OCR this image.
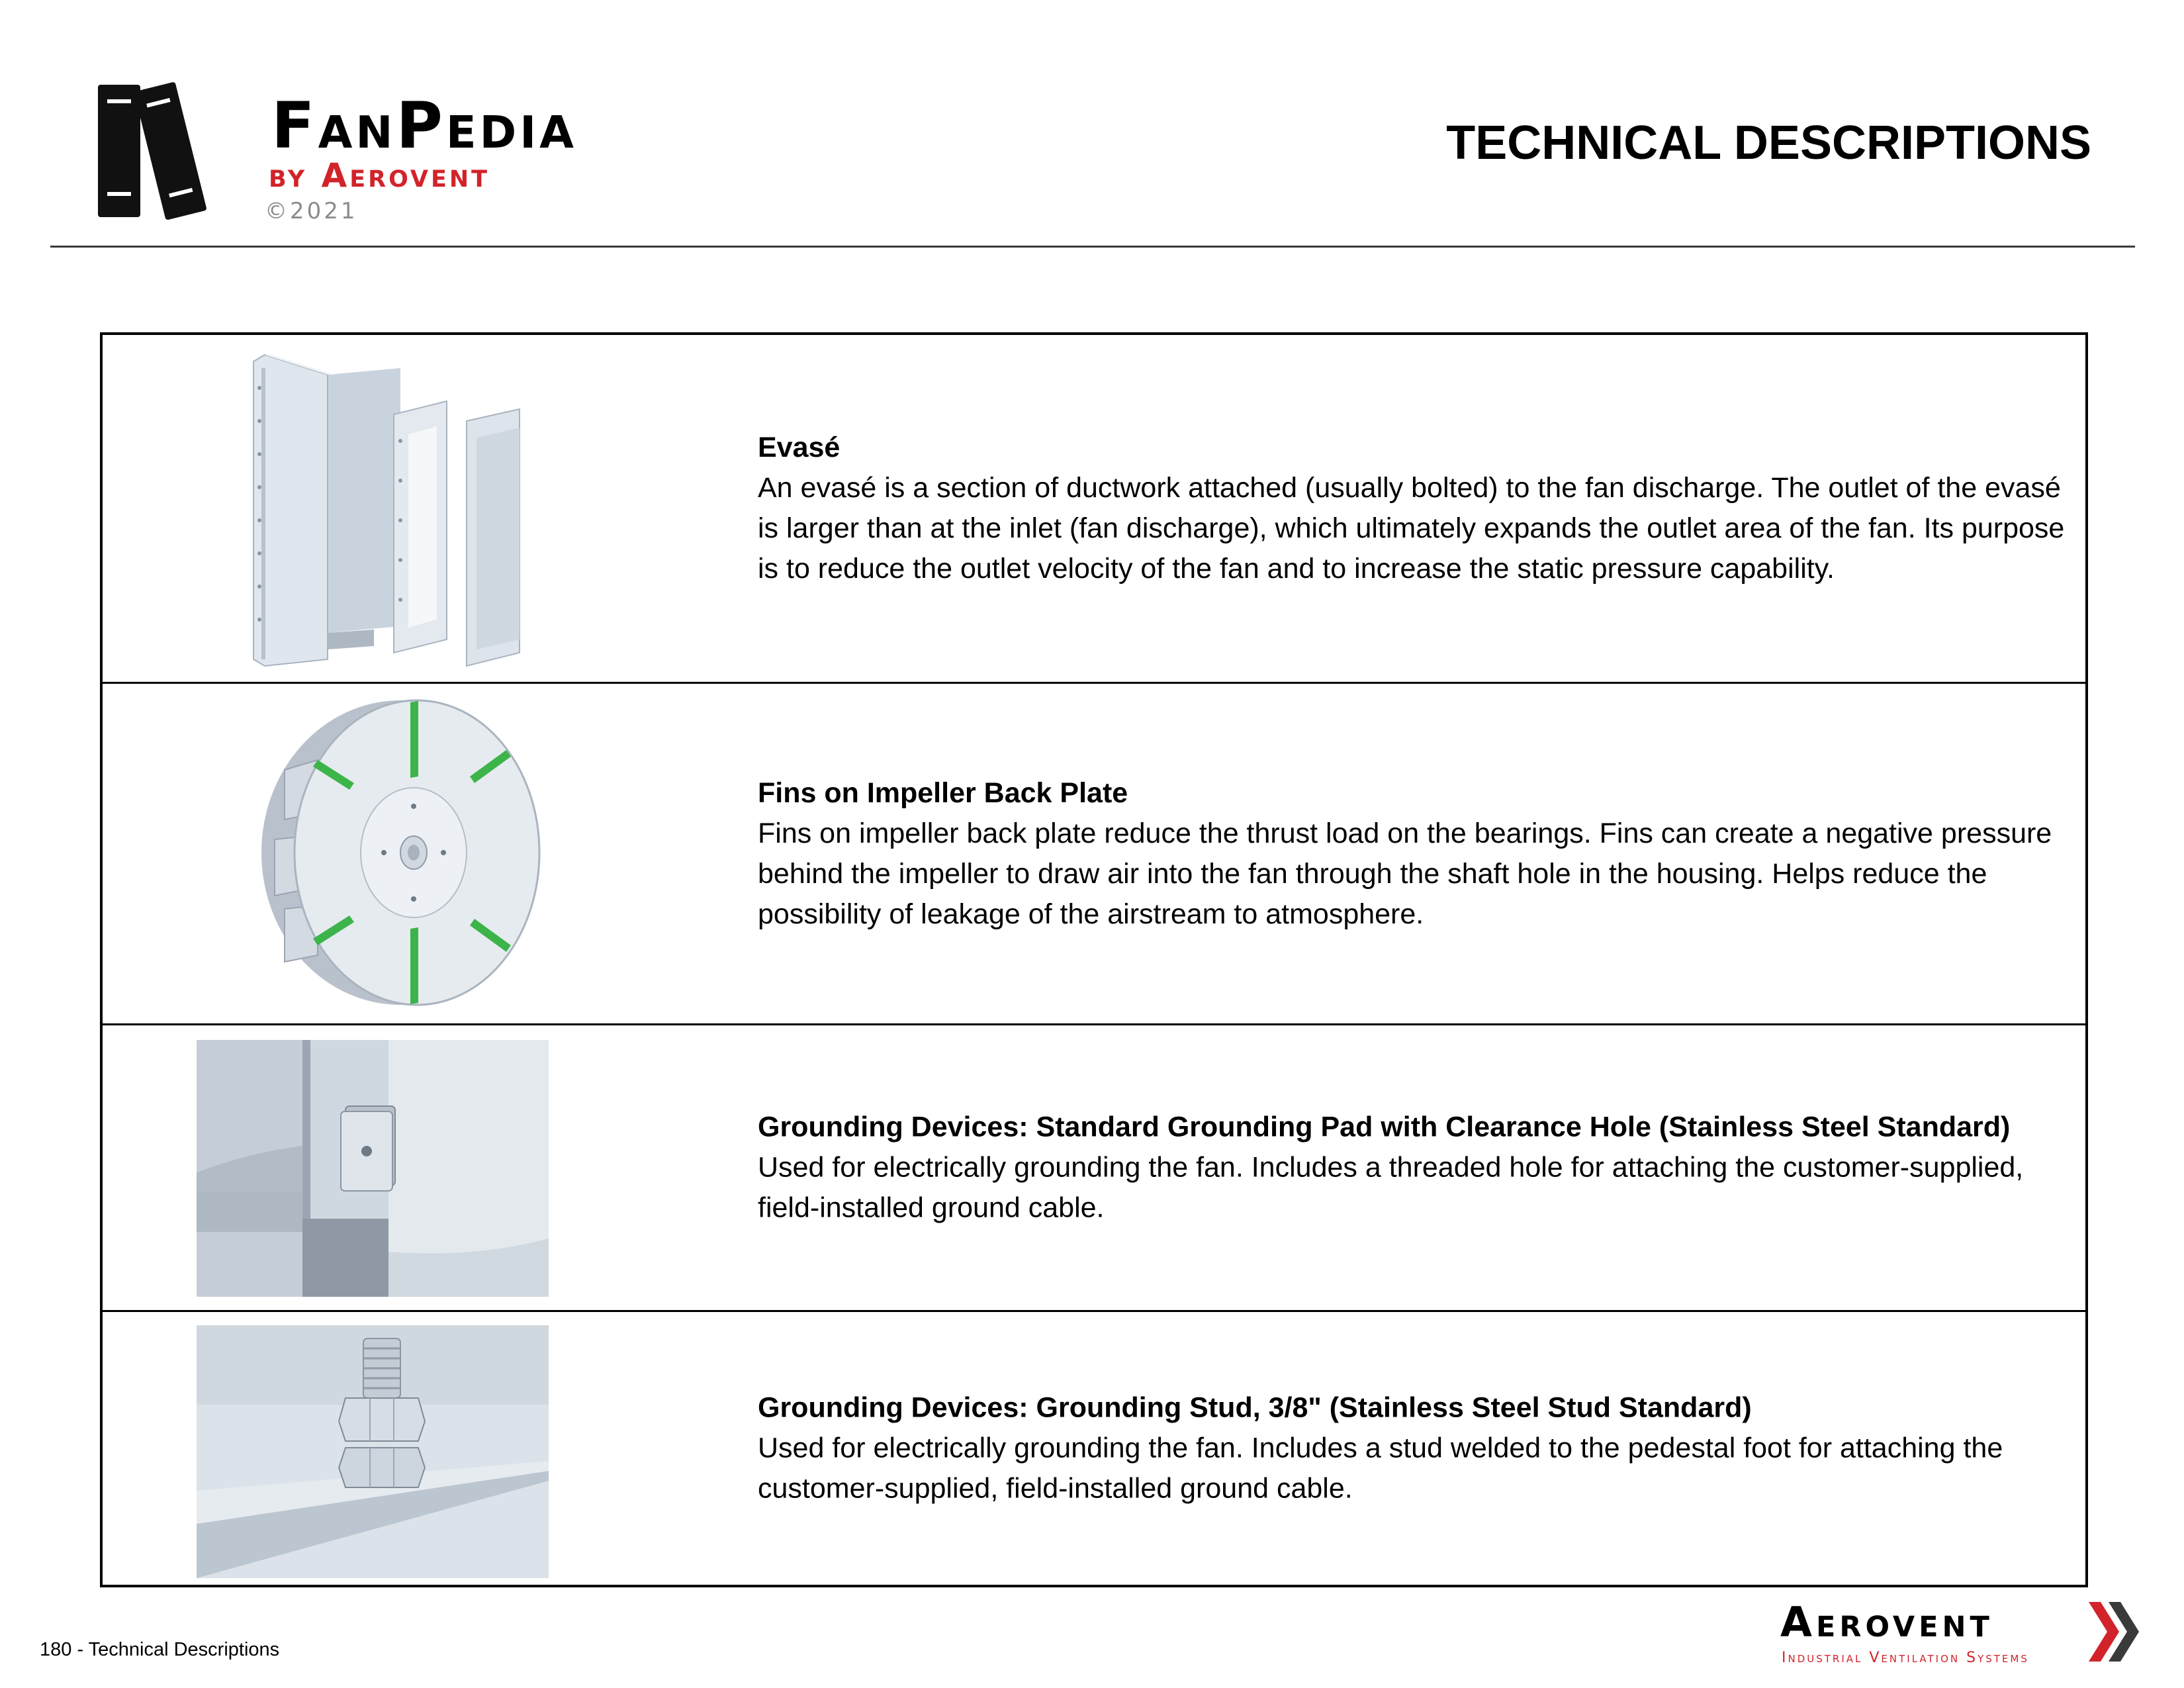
FanPedia
by Aerovent
©2021
TECHNICAL DESCRIPTIONS
Evasé
An evasé is a section of ductwork attached (usually bolted) to the fan discharge. The outlet of the evasé is larger than at the inlet (fan discharge), which ultimately expands the outlet area of the fan. Its purpose is to reduce the outlet velocity of the fan and to increase the static pressure capability.
Fins on Impeller Back Plate
Fins on impeller back plate reduce the thrust load on the bearings. Fins can create a negative pressure behind the impeller to draw air into the fan through the shaft hole in the housing. Helps reduce the possibility of leakage of the airstream to atmosphere.
Grounding Devices: Standard Grounding Pad with Clearance Hole (Stainless Steel Standard)
Used for electrically grounding the fan. Includes a threaded hole for attaching the customer-supplied, field-installed ground cable.
Grounding Devices: Grounding Stud, 3/8" (Stainless Steel Stud Standard)
Used for electrically grounding the fan. Includes a stud welded to the pedestal foot for attaching the customer-supplied, field-installed ground cable.
180 - Technical Descriptions
Aerovent
Industrial Ventilation Systems
